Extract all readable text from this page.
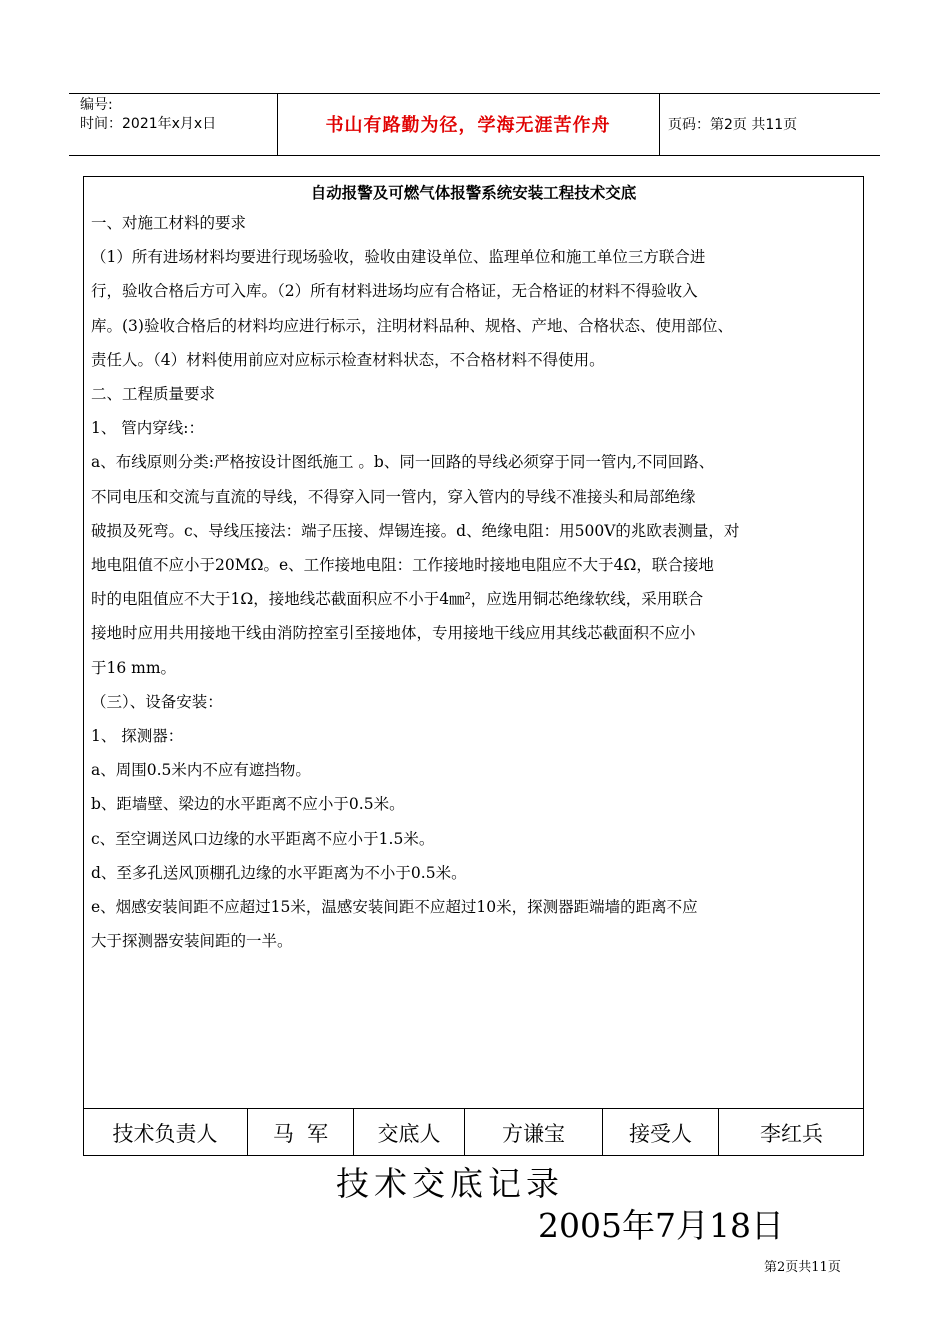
编号:
时间：2021年x月x日	书山有路勤为径，学海无涯苦作舟	页码：第2页 共11页
自动报警及可燃气体报警系统安装工程技术交底

一、对施工材料的要求

（1）所有进场材料均要进行现场验收，验收由建设单位、监理单位和施工单位三方联合进

行，验收合格后方可入库。（2）所有材料进场均应有合格证，无合格证的材料不得验收入

库。(3)验收合格后的材料均应进行标示，注明材料品种、规格、产地、合格状态、使用部位、

责任人。（4）材料使用前应对应标示检查材料状态，不合格材料不得使用。

二、工程质量要求

1、 管内穿线:：

a、布线原则分类:严格按设计图纸施工 。b、同一回路的导线必须穿于同一管内,不同回路、

不同电压和交流与直流的导线，不得穿入同一管内，穿入管内的导线不准接头和局部绝缘

破损及死弯。c、导线压接法：端子压接、焊锡连接。d、绝缘电阻：用500V的兆欧表测量，对

地电阻值不应小于20MΩ。e、工作接地电阻：工作接地时接地电阻应不大于4Ω，联合接地

时的电阻值应不大于1Ω，接地线芯截面积应不小于4㎜²，应选用铜芯绝缘软线，采用联合

接地时应用共用接地干线由消防控室引至接地体，专用接地干线应用其线芯截面积不应小

于16 mm。

（三）、设备安装：

1、 探测器：

a、周围0.5米内不应有遮挡物。

b、距墙壁、梁边的水平距离不应小于0.5米。

c、至空调送风口边缘的水平距离不应小于1.5米。

d、至多孔送风顶棚孔边缘的水平距离为不小于0.5米。

e、烟感安装间距不应超过15米，温感安装间距不应超过10米，探测器距端墙的距离不应

大于探测器安装间距的一半。

技术负责人	马  军	交底人	方谦宝	接受人	李红兵
技术交底记录
2005年7月18日
第2页共11页
